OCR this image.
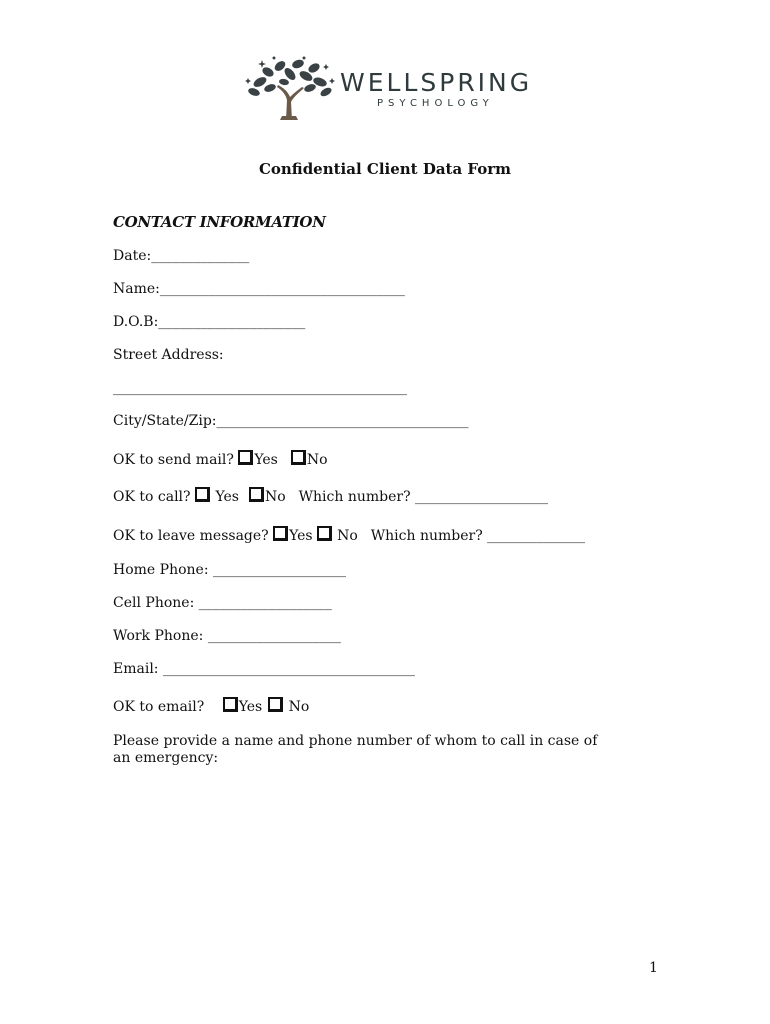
WELLSPRING
PSYCHOLOGY
Confidential Client Data Form
CONTACT INFORMATION
Date:______________
Name:___________________________________
D.O.B:_____________________
Street Address:
__________________________________________
City/State/Zip:____________________________________
OK to send mail? Yes No
OK to call?  Yes No Which number? ___________________
OK to leave message? Yes No Which number? ______________
Home Phone: ___________________
Cell Phone: ___________________
Work Phone: ___________________
Email: ____________________________________
OK to email? Yes No
Please provide a name and phone number of whom to call in case of an emergency:
1
